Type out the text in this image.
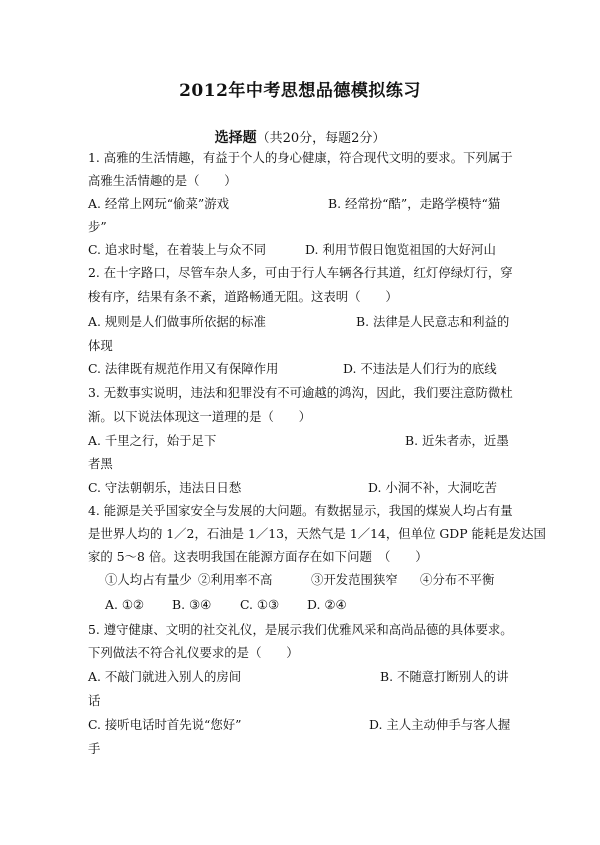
2012年中考思想品德模拟练习
选择题（共20分，每题2分）
1. 高雅的生活情趣，有益于个人的身心健康，符合现代文明的要求。下列属于
高雅生活情趣的是（　　）
A. 经常上网玩“偷菜”游戏	B. 经常扮“酷”，走路学模特“猫
步”
C. 追求时髦，在着装上与众不同	D. 利用节假日饱览祖国的大好河山
2. 在十字路口，尽管车杂人多，可由于行人车辆各行其道，红灯停绿灯行，穿
梭有序，结果有条不紊，道路畅通无阻。这表明（　　）
A. 规则是人们做事所依据的标准	B. 法律是人民意志和利益的
体现
C. 法律既有规范作用又有保障作用	D. 不违法是人们行为的底线
3. 无数事实说明，违法和犯罪没有不可逾越的鸿沟，因此，我们要注意防微杜
渐。以下说法体现这一道理的是（　　）
A. 千里之行，始于足下	B. 近朱者赤，近墨
者黑
C. 守法朝朝乐，违法日日愁	D. 小洞不补，大洞吃苦
4. 能源是关乎国家安全与发展的大问题。有数据显示，我国的煤炭人均占有量
是世界人均的 1／2，石油是 1／13，天然气是 1／14，但单位 GDP 能耗是发达国
家的 5～8 倍。这表明我国在能源方面存在如下问题　（　　）
①人均占有量少 ②利用率不高	③开发范围狭窄 ④分布不平衡
A. ①② B. ③④ C. ①③ D. ②④
5. 遵守健康、文明的社交礼仪，是展示我们优雅风采和高尚品德的具体要求。
下列做法不符合礼仪要求的是（　　）
A. 不敲门就进入别人的房间	B. 不随意打断别人的讲
话
C. 接听电话时首先说“您好”	D. 主人主动伸手与客人握
手
